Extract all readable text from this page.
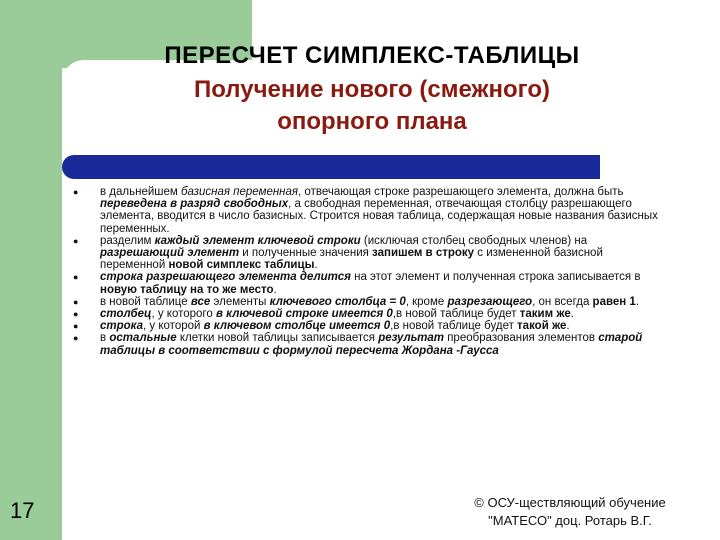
ПЕРЕСЧЕТ СИМПЛЕКС-ТАБЛИЦЫ
Получение нового (смежного)
опорного плана
● в дальнейшем базисная переменная, отвечающая строке разрешающего элемента, должна быть переведена в разряд свободных, а свободная переменная, отвечающая столбцу разрешающего элемента, вводится в число базисных. Строится новая таблица, содержащая новые названия базисных переменных.
● разделим каждый элемент ключевой строки (исключая столбец свободных членов) на разрешающий элемент и полученные значения запишем в строку с измененной базисной переменной новой симплекс таблицы.
● строка разрешающего элемента делится на этот элемент и полученная строка записывается в новую таблицу на то же место.
● в новой таблице все элементы ключевого столбца = 0, кроме разрезающего, он всегда равен 1.
● столбец, у которого в ключевой строке имеется 0,в новой таблице будет таким же.
● строка, у которой в ключевом столбце имеется 0,в новой таблице будет такой же.
● в остальные клетки новой таблицы записывается результат преобразования элементов старой таблицы в соответствии с формулой пересчета Жордана -Гаусса
17	© ОСУ-ществляющий обучение
"МАТЕСО" доц. Ротарь В.Г.
